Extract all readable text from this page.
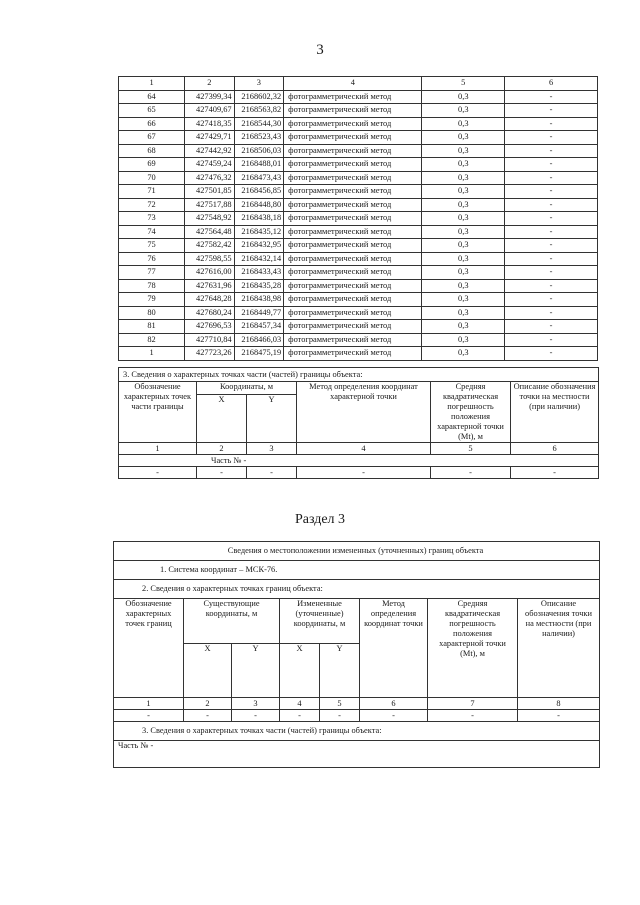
3
1	2	3	4	5	6
64	427399,34	2168602,32	фотограмметрический метод	0,3	-
65	427409,67	2168563,82	фотограмметрический метод	0,3	-
66	427418,35	2168544,30	фотограмметрический метод	0,3	-
67	427429,71	2168523,43	фотограмметрический метод	0,3	-
68	427442,92	2168506,03	фотограмметрический метод	0,3	-
69	427459,24	2168488,01	фотограмметрический метод	0,3	-
70	427476,32	2168473,43	фотограмметрический метод	0,3	-
71	427501,85	2168456,85	фотограмметрический метод	0,3	-
72	427517,88	2168448,80	фотограмметрический метод	0,3	-
73	427548,92	2168438,18	фотограмметрический метод	0,3	-
74	427564,48	2168435,12	фотограмметрический метод	0,3	-
75	427582,42	2168432,95	фотограмметрический метод	0,3	-
76	427598,55	2168432,14	фотограмметрический метод	0,3	-
77	427616,00	2168433,43	фотограмметрический метод	0,3	-
78	427631,96	2168435,28	фотограмметрический метод	0,3	-
79	427648,28	2168438,98	фотограмметрический метод	0,3	-
80	427680,24	2168449,77	фотограмметрический метод	0,3	-
81	427696,53	2168457,34	фотограмметрический метод	0,3	-
82	427710,84	2168466,03	фотограмметрический метод	0,3	-
1	427723,26	2168475,19	фотограмметрический метод	0,3	-
3. Сведения о характерных точках части (частей) границы объекта:					
Обозначение характерных точек части границы	Координаты, м		Метод определения координат характерной точки	Средняя квадратическая погрешность положения характерной точки (Mt), м	Описание обозначения точки на местности (при наличии)
	X	Y			
1	2	3	4	5	6
Часть № -					
-	-	-	-	-	-
Раздел 3
Сведения о местоположении измененных (уточненных) границ объекта							
1. Система координат – МСК-76.							
2. Сведения о характерных точках границ объекта:							
Обозначение характерных точек границ	Существующие координаты, м		Измененные (уточненные) координаты, м		Метод определения координат точки	Средняя квадратическая погрешность положения характерной точки (Mt), м	Описание обозначения точки на местности (при наличии)
	X	Y	X	Y			
1	2	3	4	5	6	7	8
-	-	-	-	-	-	-	-
3. Сведения о характерных точках части (частей) границы объекта:							
Часть № -							
